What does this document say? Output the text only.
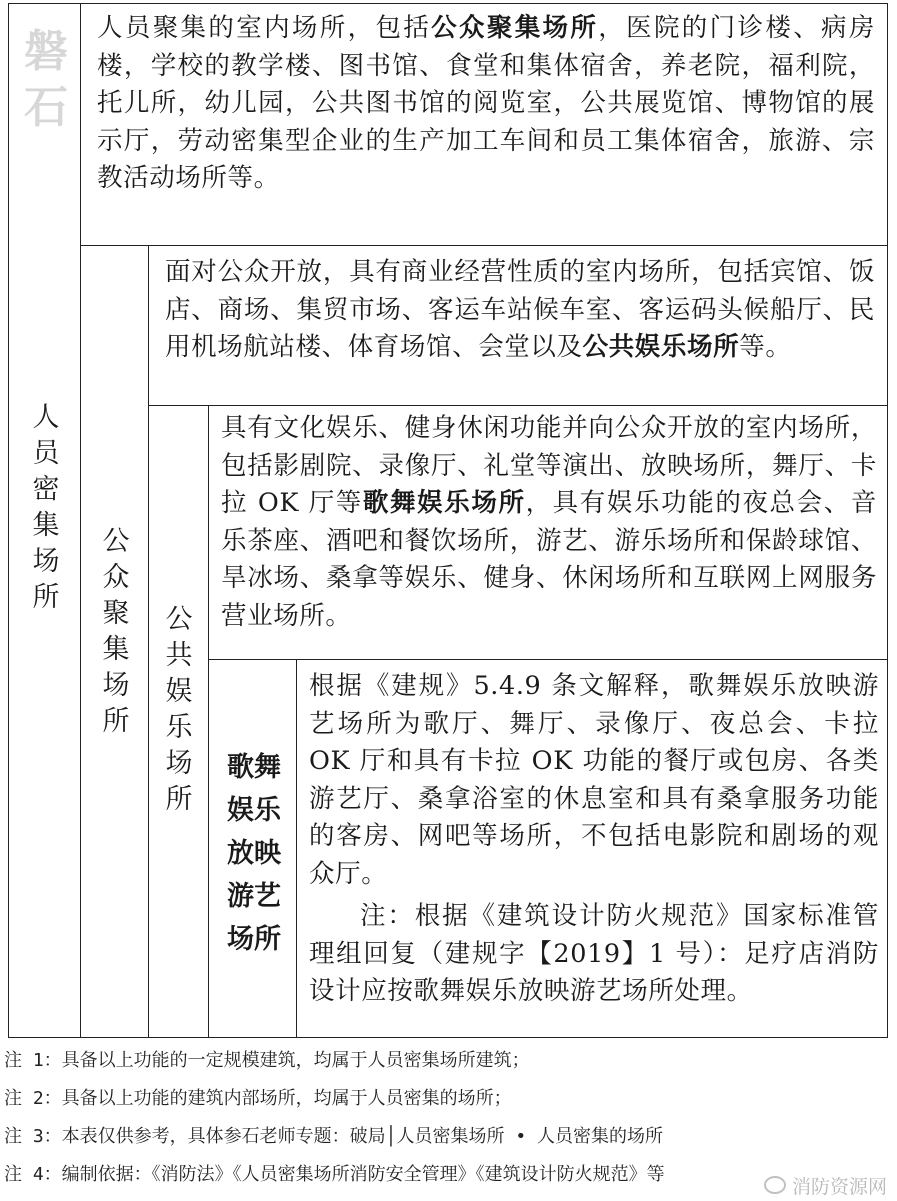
磐石
人员密集场所
人员聚集的室内场所，包括公众聚集场所，医院的门诊楼、病房楼，学校的教学楼、图书馆、食堂和集体宿舍，养老院，福利院，托儿所，幼儿园，公共图书馆的阅览室，公共展览馆、博物馆的展示厅，劳动密集型企业的生产加工车间和员工集体宿舍，旅游、宗教活动场所等。
公众聚集场所
面对公众开放，具有商业经营性质的室内场所，包括宾馆、饭店、商场、集贸市场、客运车站候车室、客运码头候船厅、民用机场航站楼、体育场馆、会堂以及公共娱乐场所等。
公共娱乐场所
具有文化娱乐、健身休闲功能并向公众开放的室内场所，包括影剧院、录像厅、礼堂等演出、放映场所，舞厅、卡拉 OK 厅等歌舞娱乐场所，具有娱乐功能的夜总会、音乐茶座、酒吧和餐饮场所，游艺、游乐场所和保龄球馆、旱冰场、桑拿等娱乐、健身、休闲场所和互联网上网服务营业场所。
歌舞娱乐放映游艺场所
根据《建规》5.4.9 条文解释，歌舞娱乐放映游艺场所为歌厅、舞厅、录像厅、夜总会、卡拉 OK 厅和具有卡拉 OK 功能的餐厅或包房、各类游艺厅、桑拿浴室的休息室和具有桑拿服务功能的客房、网吧等场所，不包括电影院和剧场的观众厅。
注：根据《建筑设计防火规范》国家标准管理组回复（建规字【2019】1 号）：足疗店消防设计应按歌舞娱乐放映游艺场所处理。
注 1：具备以上功能的一定规模建筑，均属于人员密集场所建筑；
注 2：具备以上功能的建筑内部场所，均属于人员密集的场所；
注 3：本表仅供参考，具体参石老师专题：破局│人员密集场所 • 人员密集的场所
注 4：编制依据：《消防法》《人员密集场所消防安全管理》《建筑设计防火规范》等
消防资源网
